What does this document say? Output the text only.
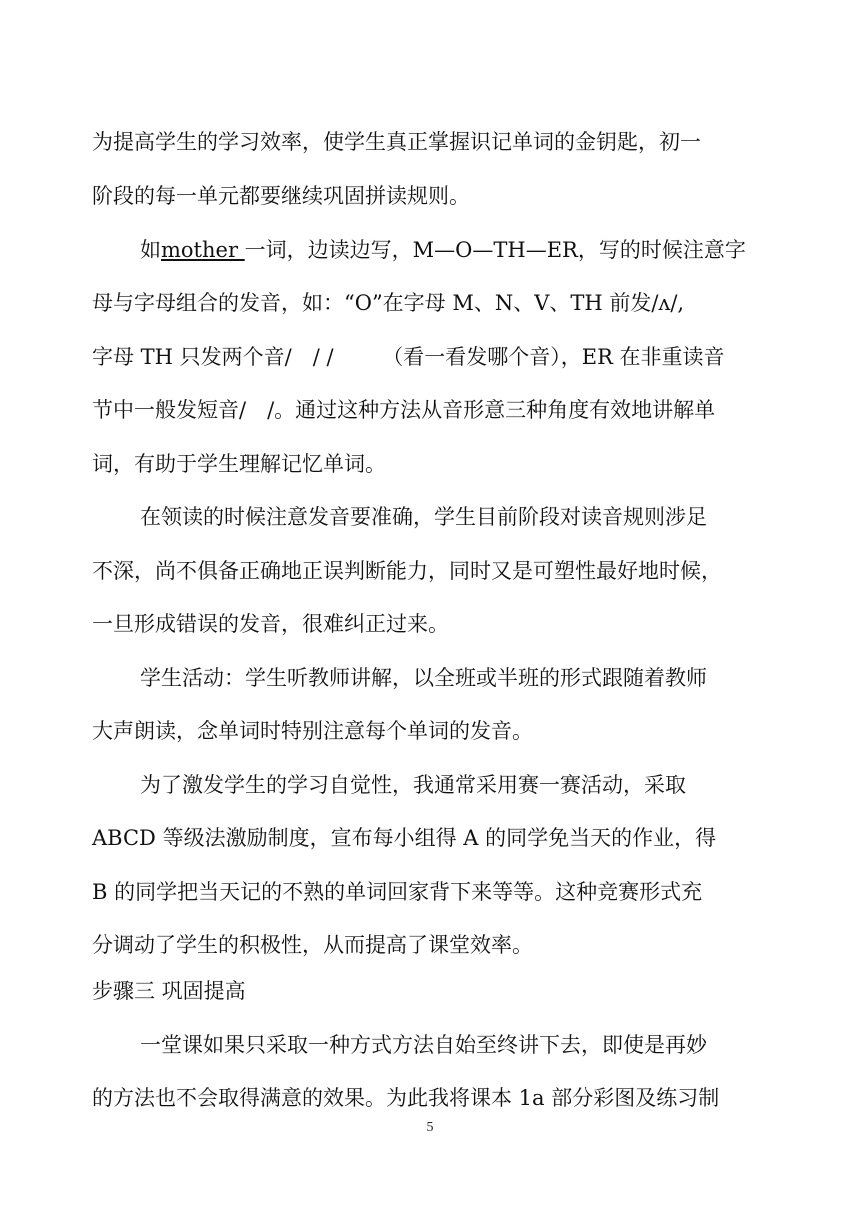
为提高学生的学习效率，使学生真正掌握识记单词的金钥匙，初一
阶段的每一单元都要继续巩固拼读规则。
如mother 一词，边读边写，M—O—TH—ER，写的时候注意字
母与字母组合的发音，如：“O”在字母 M、N、V、TH 前发/ʌ/,
字母 TH 只发两个音/　/ /　　 （看一看发哪个音），ER 在非重读音
节中一般发短音/　/。通过这种方法从音形意三种角度有效地讲解单
词，有助于学生理解记忆单词。
在领读的时候注意发音要准确，学生目前阶段对读音规则涉足
不深，尚不俱备正确地正误判断能力，同时又是可塑性最好地时候，
一旦形成错误的发音，很难纠正过来。
学生活动：学生听教师讲解，以全班或半班的形式跟随着教师
大声朗读，念单词时特别注意每个单词的发音。
为了激发学生的学习自觉性，我通常采用赛一赛活动，采取
ABCD 等级法激励制度，宣布每小组得 A 的同学免当天的作业，得
B 的同学把当天记的不熟的单词回家背下来等等。这种竞赛形式充
分调动了学生的积极性，从而提高了课堂效率。
步骤三 巩固提高
一堂课如果只采取一种方式方法自始至终讲下去，即使是再妙
的方法也不会取得满意的效果。为此我将课本 1a 部分彩图及练习制
5
